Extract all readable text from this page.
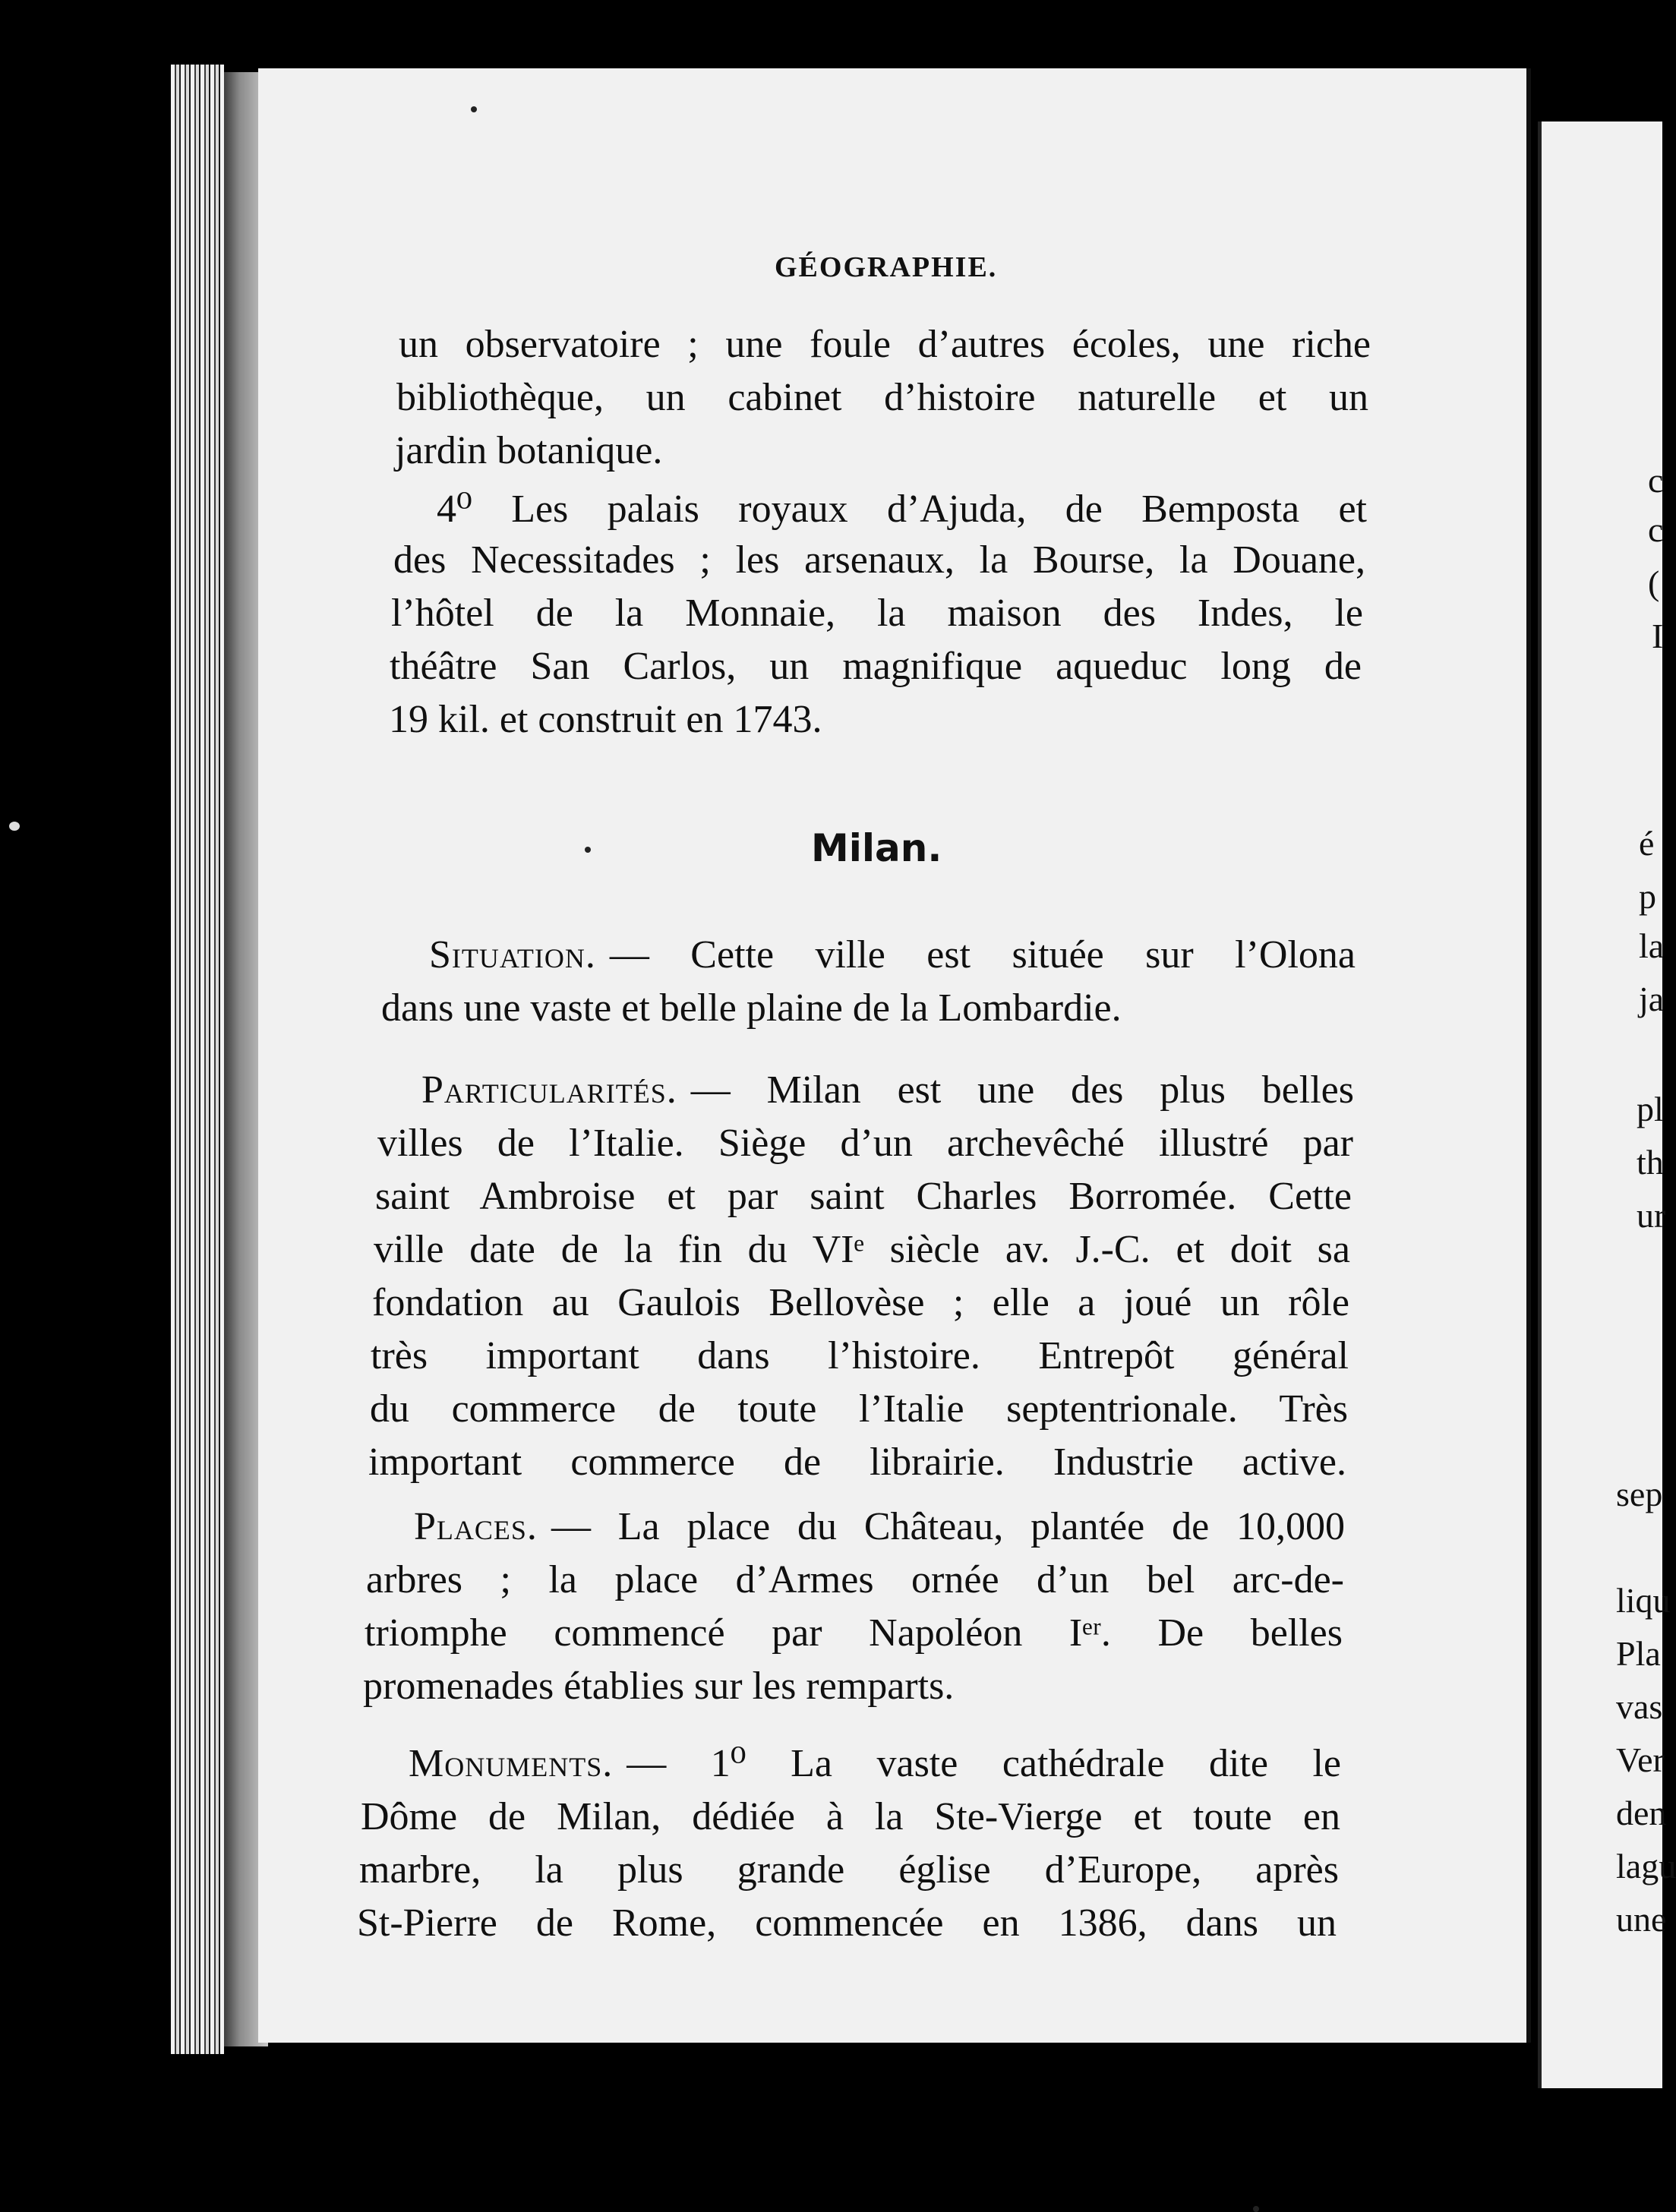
c
c
(
I
é
p
la
ja
pl
th
ur
sep
liqu
Pla
vas
Ver
den
lagu
une
GÉOGRAPHIE.
un observatoire ; une foule d’autres écoles, une riche
bibliothèque, un cabinet d’histoire naturelle et un
jardin botanique.
4⁰ Les palais royaux d’Ajuda, de Bemposta et
des Necessitades ; les arsenaux, la Bourse, la Douane,
l’hôtel de la Monnaie, la maison des Indes, le
théâtre San Carlos, un magnifique aqueduc long de
19 kil. et construit en 1743.
Milan.
Situation. — Cette ville est située sur l’Olona
dans une vaste et belle plaine de la Lombardie.
Particularités. — Milan est une des plus belles
villes de l’Italie. Siège d’un archevêché illustré par
saint Ambroise et par saint Charles Borromée. Cette
ville date de la fin du VIᵉ siècle av. J.-C. et doit sa
fondation au Gaulois Bellovèse ; elle a joué un rôle
très important dans l’histoire. Entrepôt général
du commerce de toute l’Italie septentrionale. Très
important commerce de librairie. Industrie active.
Places. — La place du Château, plantée de 10,000
arbres ; la place d’Armes ornée d’un bel arc-de-
triomphe commencé par Napoléon Iᵉʳ. De belles
promenades établies sur les remparts.
Monuments. — 1⁰ La vaste cathédrale dite le
Dôme de Milan, dédiée à la Ste-Vierge et toute en
marbre, la plus grande église d’Europe, après
St-Pierre de Rome, commencée en 1386, dans un
